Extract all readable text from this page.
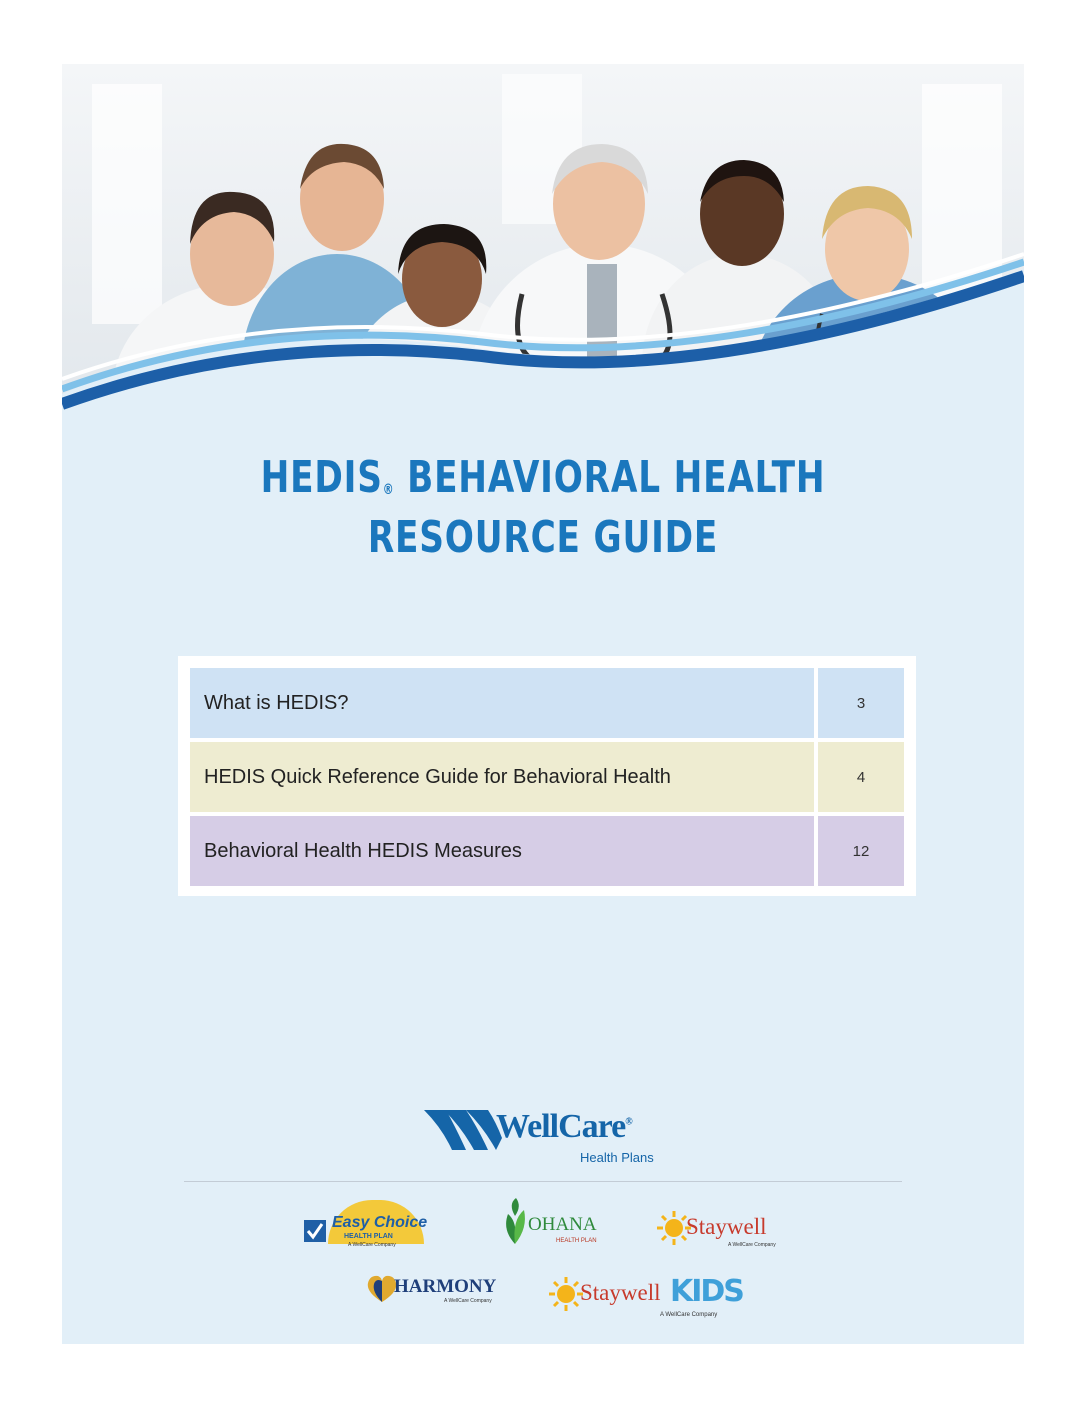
HEDIS® BEHAVIORAL HEALTH
RESOURCE GUIDE
What is HEDIS?	3
HEDIS Quick Reference Guide for Behavioral Health	4
Behavioral Health HEDIS Measures	12
WellCare®
Health Plans
Easy Choice
HEALTH PLAN
A WellCare Company
OHANA
HEALTH PLAN
Staywell
A WellCare Company
HARMONY
A WellCare Company	Staywell KIDS
A WellCare Company
